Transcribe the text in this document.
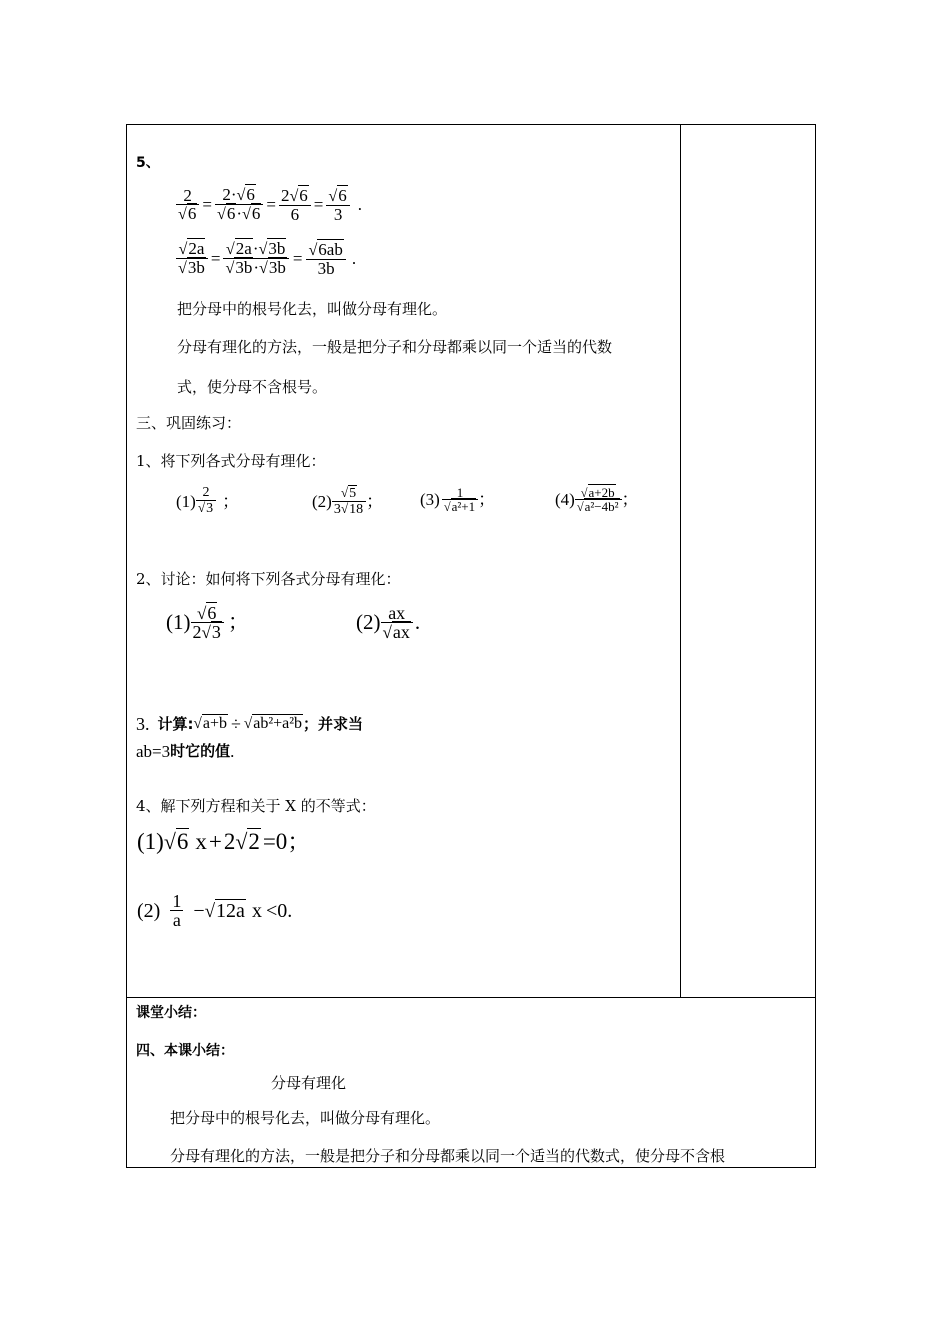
5、
$\frac{2}{√6} = \frac{2\cdot√6}{√6\cdot√6} = \frac{2√6}{6} = \frac{√6}{3}$ .
$\frac{√2a}{√3b} = \frac{√2a\cdot√3b}{√3b\cdot√3b} = \frac{√6ab}{3b}$ .
把分母中的根号化去，叫做分母有理化。
分母有理化的方法，一般是把分子和分母都乘以同一个适当的代数
式，使分母不含根号。
三、巩固练习：
1、将下列各式分母有理化：
$(1) \frac{2}{√3}$ ；	$(2) \frac{√5}{3√18}$ ； $(3) \frac{1}{\text{√a²+1}}$ ；	$(4) \frac{√a+2b}{\text{√a²−4b²}}$ ；
2、讨论：如何将下列各式分母有理化：
$(1) \frac{√6}{2√3}$ ；	$(2) \frac{ax}{√ax}$ .
3. 计算 : √a+b ÷ √ab²+a²b ；并求当
ab=3 时它的值 .
4、解下列方程和关于 X 的不等式：
(1) √6 x + 2 √2 =0；
$(2) \frac{1}{a} - √12a$ x <0.
课堂小结：
四、本课小结：
分母有理化
把分母中的根号化去，叫做分母有理化。
分母有理化的方法，一般是把分子和分母都乘以同一个适当的代数式，使分母不含根
